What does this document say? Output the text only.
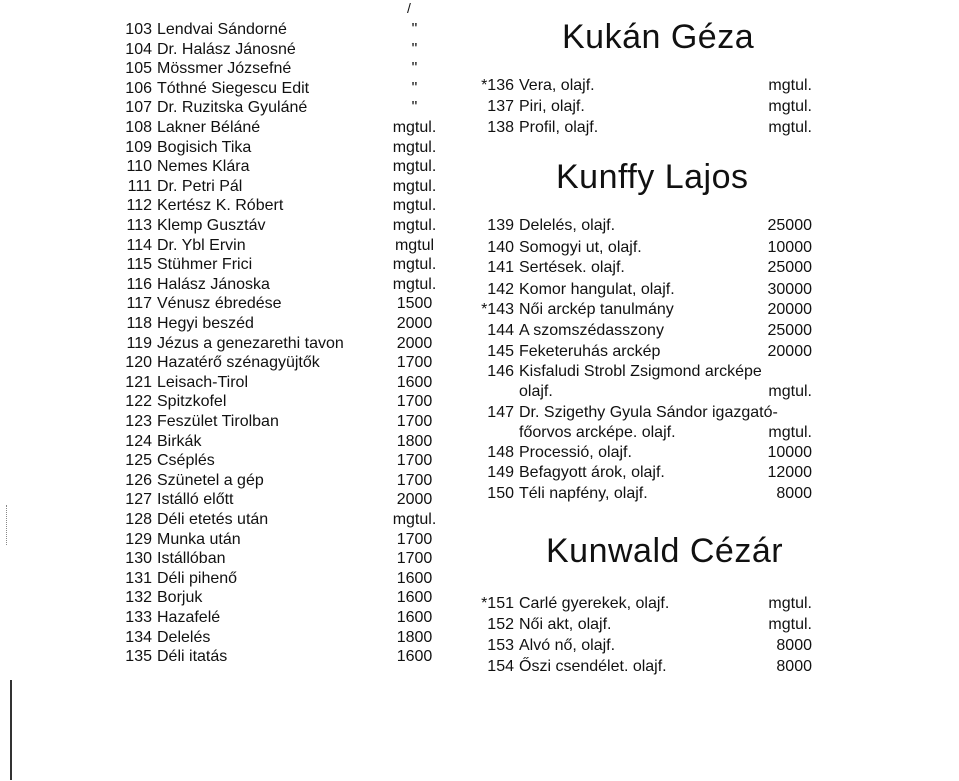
/
103 Lendvai Sándorné	"
104 Dr. Halász Jánosné	"
105 Mössmer Józsefné	"
106 Tóthné Siegescu Edit	"
107 Dr. Ruzitska Gyuláné	"
108 Lakner Béláné	mgtul.
109 Bogisich Tika	mgtul.
110 Nemes Klára	mgtul.
111 Dr. Petri Pál	mgtul.
112 Kertész K. Róbert	mgtul.
113 Klemp Gusztáv	mgtul.
114 Dr. Ybl Ervin	mgtul
115 Stühmer Frici	mgtul.
116 Halász Jánoska	mgtul.
117 Vénusz ébredése	1500
118 Hegyi beszéd	2000
119 Jézus a genezarethi tavon	2000
120 Hazatérő szénagyüjtők	1700
121 Leisach-Tirol	1600
122 Spitzkofel	1700
123 Feszület Tirolban	1700
124 Birkák	1800
125 Cséplés	1700
126 Szünetel a gép	1700
127 Istálló előtt	2000
128 Déli etetés után	mgtul.
129 Munka után	1700
130 Istállóban	1700
131 Déli pihenő	1600
132 Borjuk	1600
133 Hazafelé	1600
134 Delelés	1800
135 Déli itatás	1600
Kukán Géza
*136 Vera, olajf.	mgtul.
137 Piri, olajf.	mgtul.
138 Profil, olajf.	mgtul.
Kunffy Lajos
139 Delelés, olajf.	25000
140 Somogyi ut, olajf.	10000
141 Sertések. olajf.	25000
142 Komor hangulat, olajf.	30000
*143 Női arckép tanulmány	20000
144 A szomszédasszony	25000
145 Feketeruhás arckép	20000
146 Kisfaludi Strobl Zsigmond arcképe
olajf.	mgtul.
147 Dr. Szigethy Gyula Sándor igazgató-
főorvos arcképe. olajf.	mgtul.
148 Processió, olajf.	10000
149 Befagyott árok, olajf.	12000
150 Téli napfény, olajf.	8000
Kunwald Cézár
*151 Carlé gyerekek, olajf.	mgtul.
152 Női akt, olajf.	mgtul.
153 Alvó nő, olajf.	8000
154 Őszi csendélet. olajf.	8000
